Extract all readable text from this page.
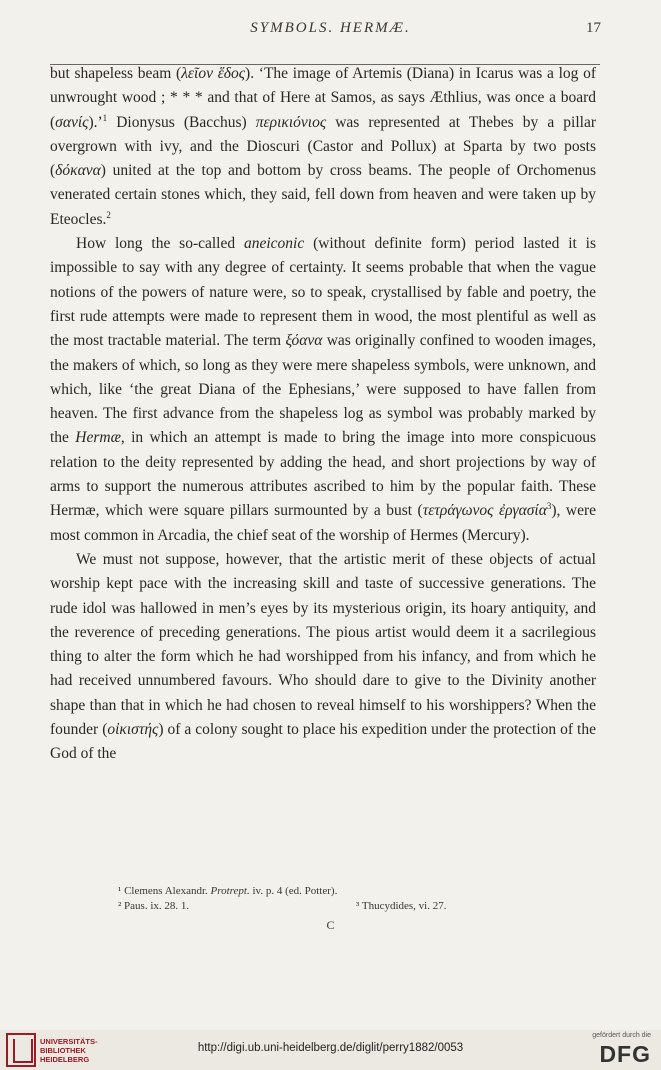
SYMBOLS. HERMÆ.	17

but shapeless beam (λεῖον ἕδος). ‘The image of Artemis (Diana) in Icarus was a log of unwrought wood ; * * * and that of Here at Samos, as says Æthlius, was once a board (σανίς).’$^1$ Dionysus (Bacchus) περικιόνιος was represented at Thebes by a pillar overgrown with ivy, and the Dioscuri (Castor and Pollux) at Sparta by two posts (δόκανα) united at the top and bottom by cross beams. The people of Orchomenus venerated certain stones which, they said, fell down from heaven and were taken up by Eteocles.$^2$

How long the so-called aneiconic (without definite form) period lasted it is impossible to say with any degree of certainty. It seems probable that when the vague notions of the powers of nature were, so to speak, crystallised by fable and poetry, the first rude attempts were made to represent them in wood, the most plentiful as well as the most tractable material. The term ξόανα was originally confined to wooden images, the makers of which, so long as they were mere shapeless symbols, were unknown, and which, like ‘the great Diana of the Ephesians,’ were supposed to have fallen from heaven. The first advance from the shapeless log as symbol was probably marked by the Hermæ, in which an attempt is made to bring the image into more conspicuous relation to the deity represented by adding the head, and short projections by way of arms to support the numerous attributes ascribed to him by the popular faith. These Hermæ, which were square pillars surmounted by a bust (τετράγωνος ἐργασία$^3$), were most common in Arcadia, the chief seat of the worship of Hermes (Mercury).

We must not suppose, however, that the artistic merit of these objects of actual worship kept pace with the increasing skill and taste of successive generations. The rude idol was hallowed in men’s eyes by its mysterious origin, its hoary antiquity, and the reverence of preceding generations. The pious artist would deem it a sacrilegious thing to alter the form which he had worshipped from his infancy, and from which he had received unnumbered favours. Who should dare to give to the Divinity another shape than that in which he had chosen to reveal himself to his worshippers? When the founder (οἰκιστής) of a colony sought to place his expedition under the protection of the God of the

¹ Clemens Alexandr. Protrept. iv. p. 4 (ed. Potter).
² Paus. ix. 28. 1.	³ Thucydides, vi. 27.
C
UNIVERSITÄTS-
BIBLIOTHEK
HEIDELBERG
http://digi.ub.uni-heidelberg.de/diglit/perry1882/0053
gefördert durch die
DFG
